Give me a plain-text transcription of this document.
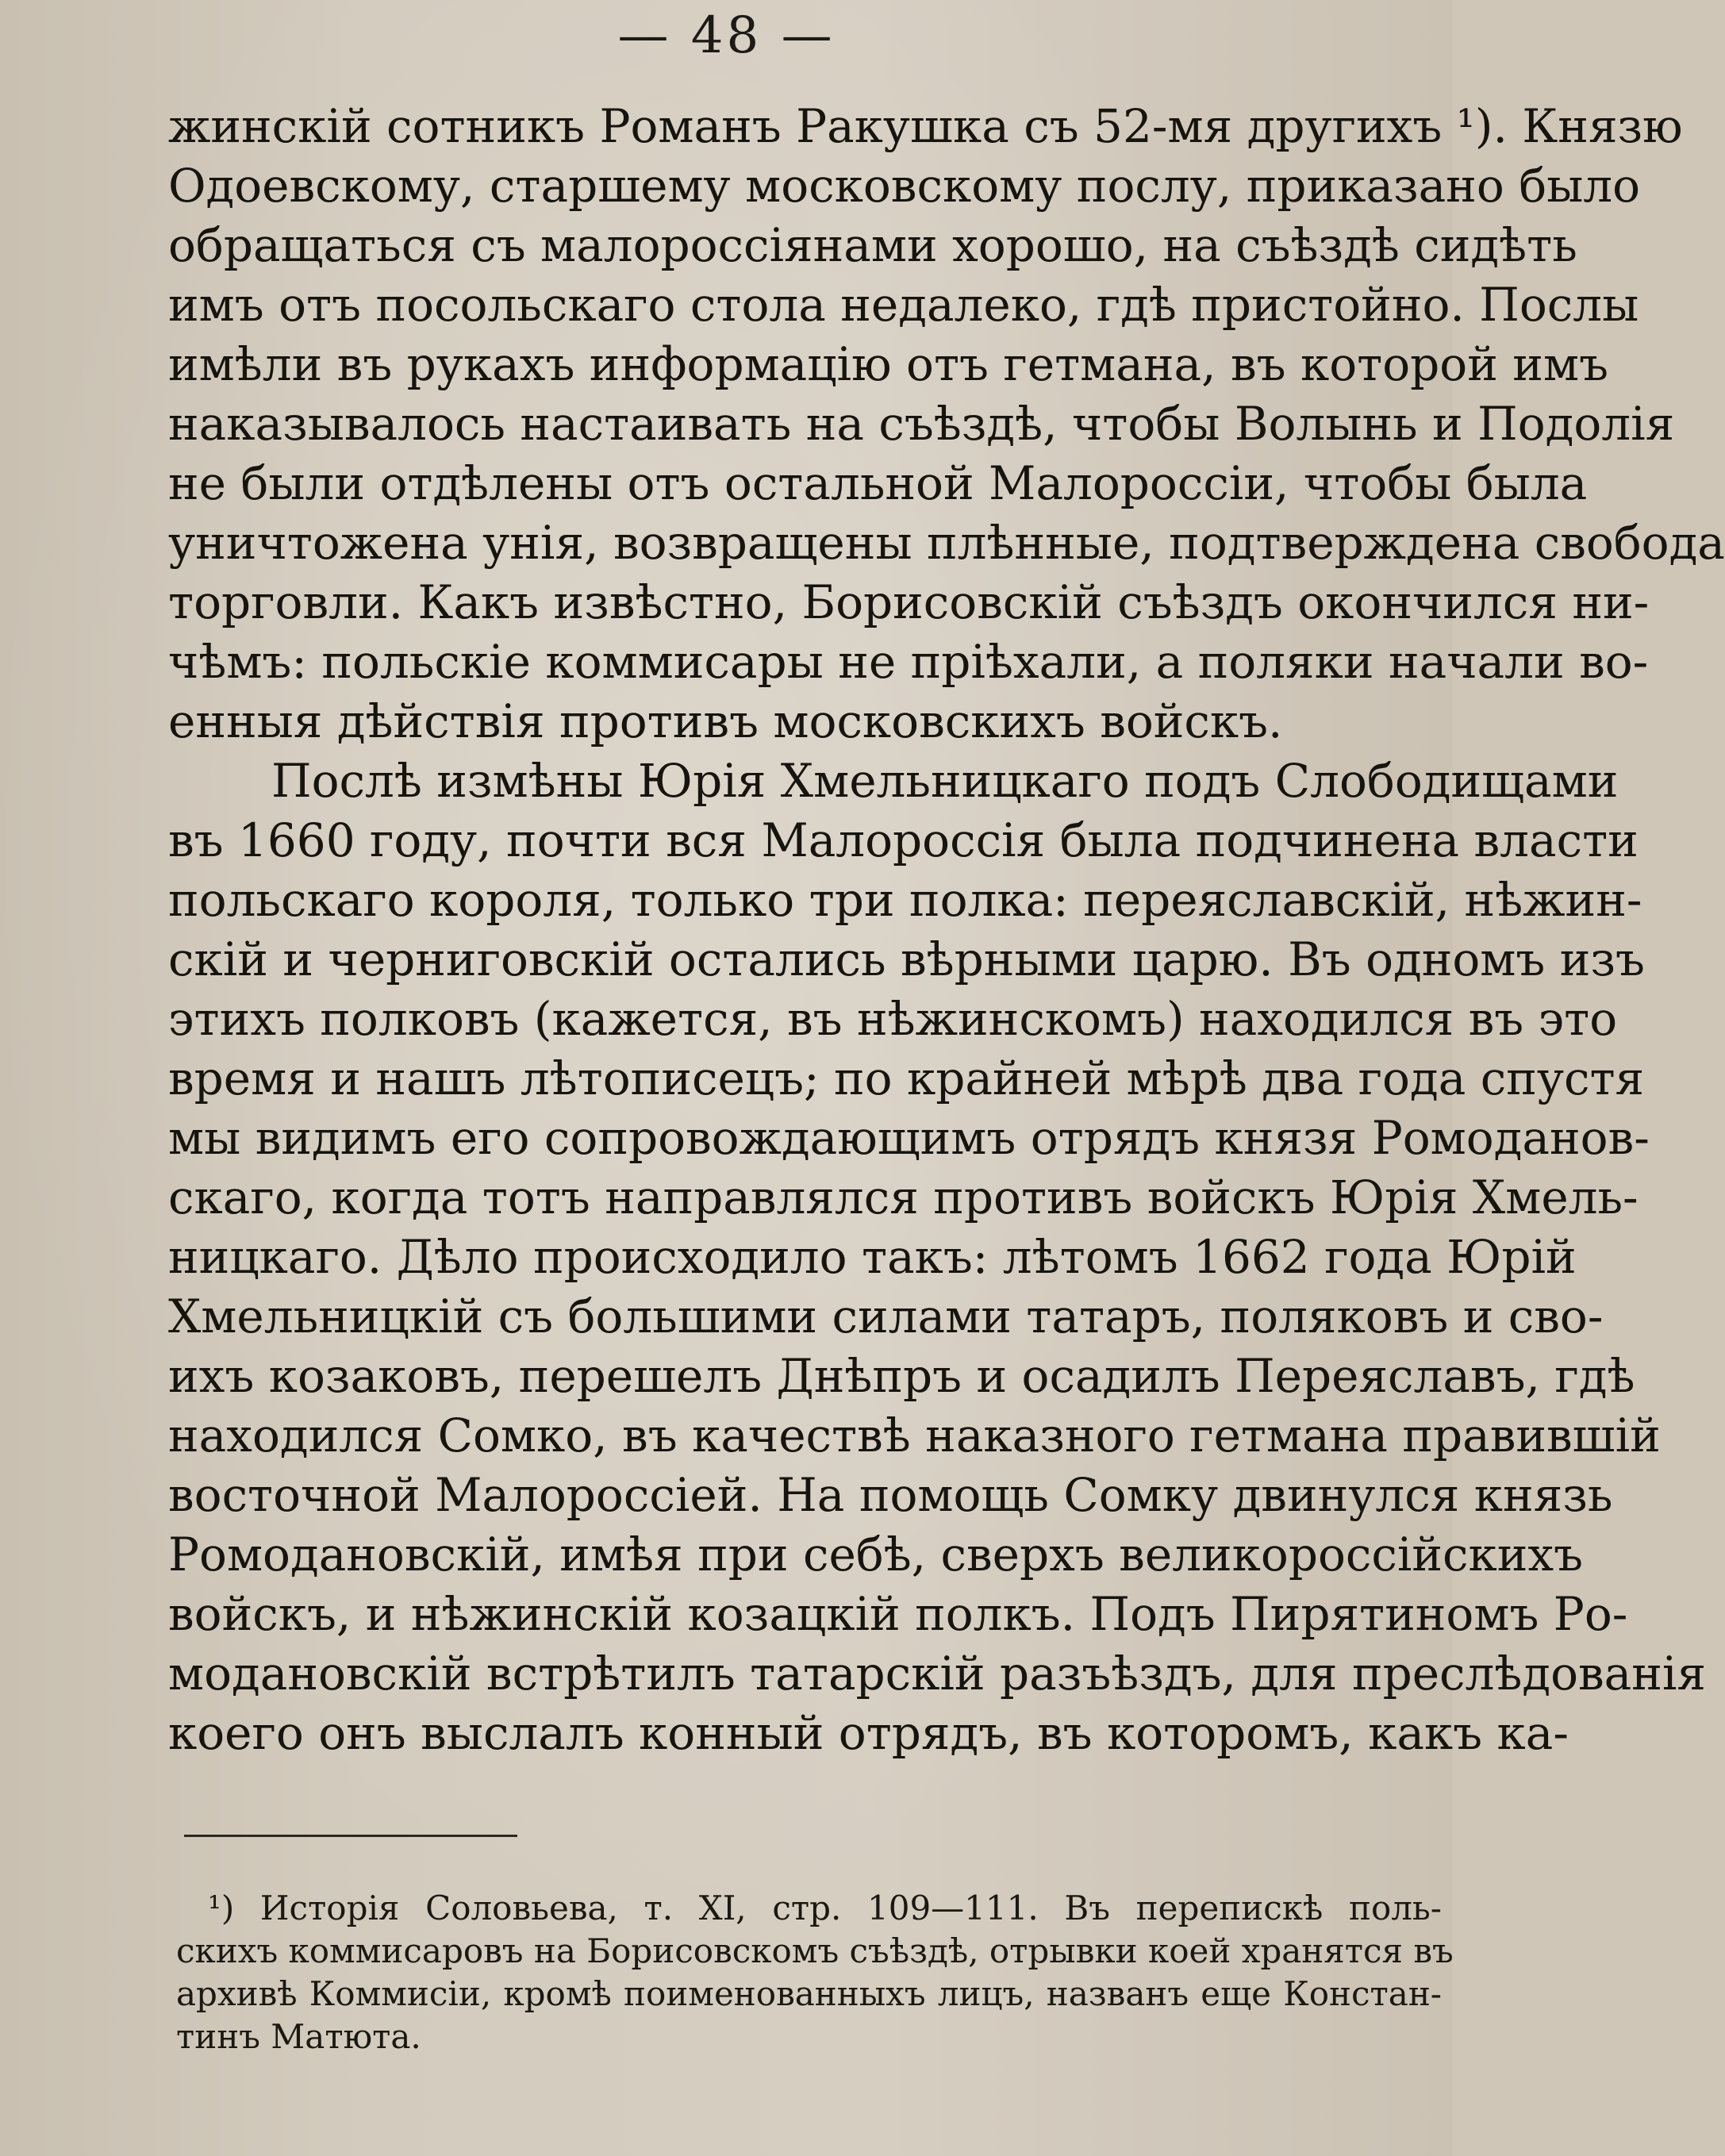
— 48 —
жинскій сотникъ Романъ Ракушка съ 52-мя другихъ ¹). Князю
Одоевскому, старшему московскому послу, приказано было
обращаться съ малороссіянами хорошо, на съѣздѣ сидѣть
имъ отъ посольскаго стола недалеко, гдѣ пристойно. Послы
имѣли въ рукахъ информацію отъ гетмана, въ которой имъ
наказывалось настаивать на съѣздѣ, чтобы Волынь и Подолія
не были отдѣлены отъ остальной Малороссіи, чтобы была
уничтожена унія, возвращены плѣнные, подтверждена свобода
торговли. Какъ извѣстно, Борисовскій съѣздъ окончился ни-
чѣмъ: польскіе коммисары не пріѣхали, а поляки начали во-
енныя дѣйствія противъ московскихъ войскъ.
Послѣ измѣны Юрія Хмельницкаго подъ Слободищами
въ 1660 году, почти вся Малороссія была подчинена власти
польскаго короля, только три полка: переяславскій, нѣжин-
скій и черниговскій остались вѣрными царю. Въ одномъ изъ
этихъ полковъ (кажется, въ нѣжинскомъ) находился въ это
время и нашъ лѣтописецъ; по крайней мѣрѣ два года спустя
мы видимъ его сопровождающимъ отрядъ князя Ромоданов-
скаго, когда тотъ направлялся противъ войскъ Юрія Хмель-
ницкаго. Дѣло происходило такъ: лѣтомъ 1662 года Юрій
Хмельницкій съ большими силами татаръ, поляковъ и сво-
ихъ козаковъ, перешелъ Днѣпръ и осадилъ Переяславъ, гдѣ
находился Сомко, въ качествѣ наказного гетмана правившій
восточной Малороссіей. На помощь Сомку двинулся князь
Ромодановскій, имѣя при себѣ, сверхъ великороссійскихъ
войскъ, и нѣжинскій козацкій полкъ. Подъ Пирятиномъ Ро-
модановскій встрѣтилъ татарскій разъѣздъ, для преслѣдованія
коего онъ выслалъ конный отрядъ, въ которомъ, какъ ка-
¹) Исторія Соловьева, т. XI, стр. 109—111. Въ перепискѣ поль-
скихъ коммисаровъ на Борисовскомъ съѣздѣ, отрывки коей хранятся въ
архивѣ Коммисіи, кромѣ поименованныхъ лицъ, названъ еще Констан-
тинъ Матюта.
